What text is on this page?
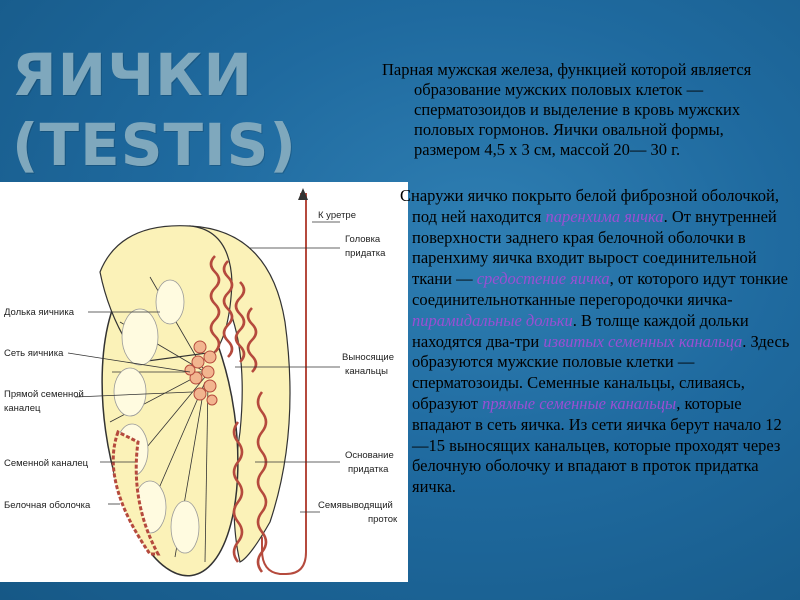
ЯИЧКИ
(TESTIS)

Парная мужская железа, функцией которой является образование мужских половых клеток — сперматозоидов и выделение в кровь мужских половых гормонов. Яички овальной формы, размером 4,5 х 3 см, массой 20— 30 г.

Долька яичника
Сеть яичника
Прямой семенной
каналец
Семенной каналец
Белочная оболочка
К уретре
Головка
придатка
Выносящие
канальцы
Основание
придатка
Семявыводящий
проток

Снаружи яичко покрыто белой фиброзной оболочкой, под ней находится паренхима яичка. От внутренней поверхности заднего края белочной оболочки в паренхиму яичка входит вырост соединительной ткани — средостение яичка, от которого идут тонкие соединительнотканные перегородочки яичка- пирамидальные дольки. В толще каждой дольки находятся два-три извитых семенных канальца. Здесь образуются мужские половые клетки — сперматозоиды. Семенные канальцы, сливаясь, образуют прямые семенные канальцы, которые впадают в сеть яичка. Из сети яичка берут начало 12—15 выносящих канальцев, которые проходят через белочную оболочку и впадают в проток придатка яичка.
